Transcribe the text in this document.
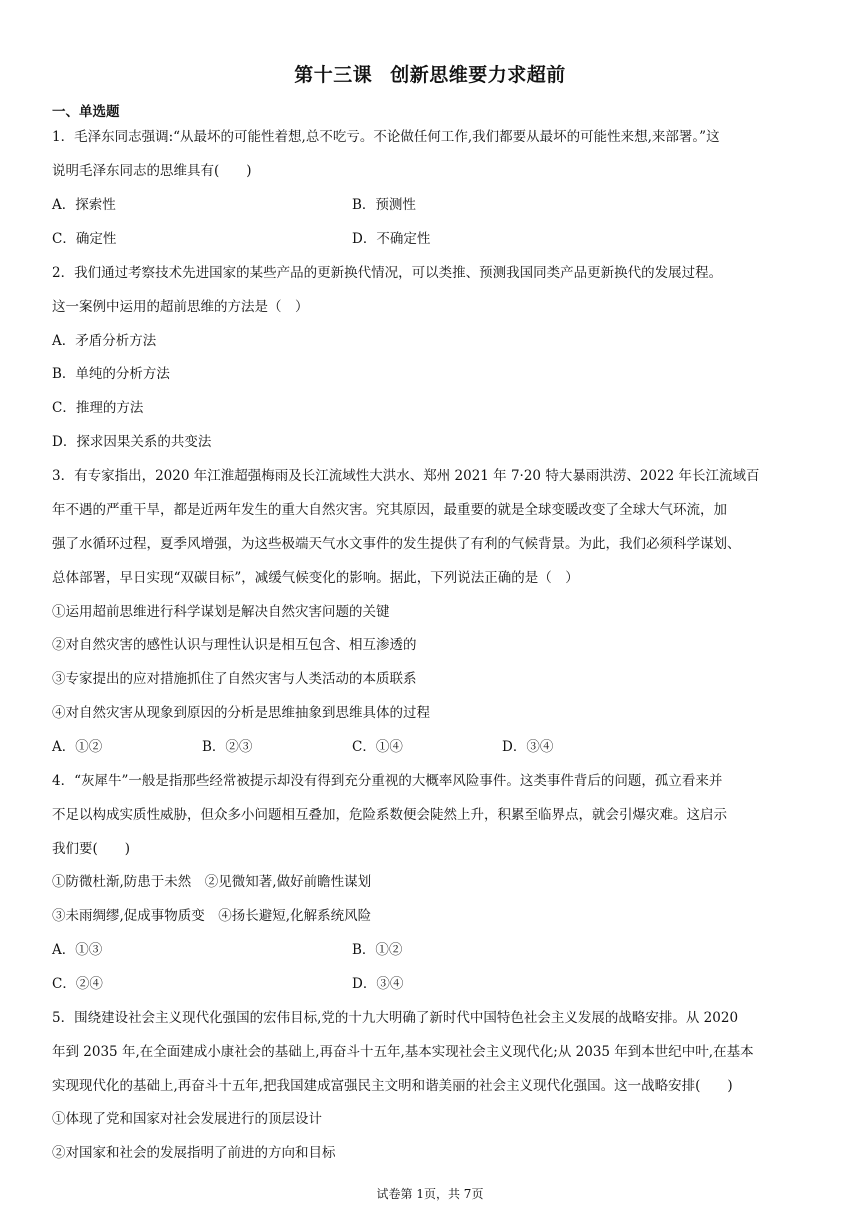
第十三课 创新思维要力求超前
一、单选题
1．毛泽东同志强调:“从最坏的可能性着想,总不吃亏。不论做任何工作,我们都要从最坏的可能性来想,来部署。”这
说明毛泽东同志的思维具有(　　)
A．探索性	B．预测性
C．确定性	D．不确定性
2．我们通过考察技术先进国家的某些产品的更新换代情况，可以类推、预测我国同类产品更新换代的发展过程。
这一案例中运用的超前思维的方法是（　）
A．矛盾分析方法
B．单纯的分析方法
C．推理的方法
D．探求因果关系的共变法
3．有专家指出，2020 年江淮超强梅雨及长江流域性大洪水、郑州 2021 年 7·20 特大暴雨洪涝、2022 年长江流域百
年不遇的严重干旱，都是近两年发生的重大自然灾害。究其原因，最重要的就是全球变暖改变了全球大气环流，加
强了水循环过程，夏季风增强，为这些极端天气水文事件的发生提供了有利的气候背景。为此，我们必须科学谋划、
总体部署，早日实现“双碳目标”，减缓气候变化的影响。据此，下列说法正确的是（　）
①运用超前思维进行科学谋划是解决自然灾害问题的关键
②对自然灾害的感性认识与理性认识是相互包含、相互渗透的
③专家提出的应对措施抓住了自然灾害与人类活动的本质联系
④对自然灾害从现象到原因的分析是思维抽象到思维具体的过程
A．①②	B．②③	C．①④	D．③④
4．“灰犀牛”一般是指那些经常被提示却没有得到充分重视的大概率风险事件。这类事件背后的问题，孤立看来并
不足以构成实质性威胁，但众多小问题相互叠加，危险系数便会陡然上升，积累至临界点，就会引爆灾难。这启示
我们要(　　)
①防微杜渐,防患于未然　②见微知著,做好前瞻性谋划
③未雨绸缪,促成事物质变　④扬长避短,化解系统风险
A．①③	B．①②
C．②④	D．③④
5．围绕建设社会主义现代化强国的宏伟目标,党的十九大明确了新时代中国特色社会主义发展的战略安排。从 2020
年到 2035 年,在全面建成小康社会的基础上,再奋斗十五年,基本实现社会主义现代化;从 2035 年到本世纪中叶,在基本
实现现代化的基础上,再奋斗十五年,把我国建成富强民主文明和谐美丽的社会主义现代化强国。这一战略安排(　　)
①体现了党和国家对社会发展进行的顶层设计
②对国家和社会的发展指明了前进的方向和目标
试卷第 1页，共 7页
